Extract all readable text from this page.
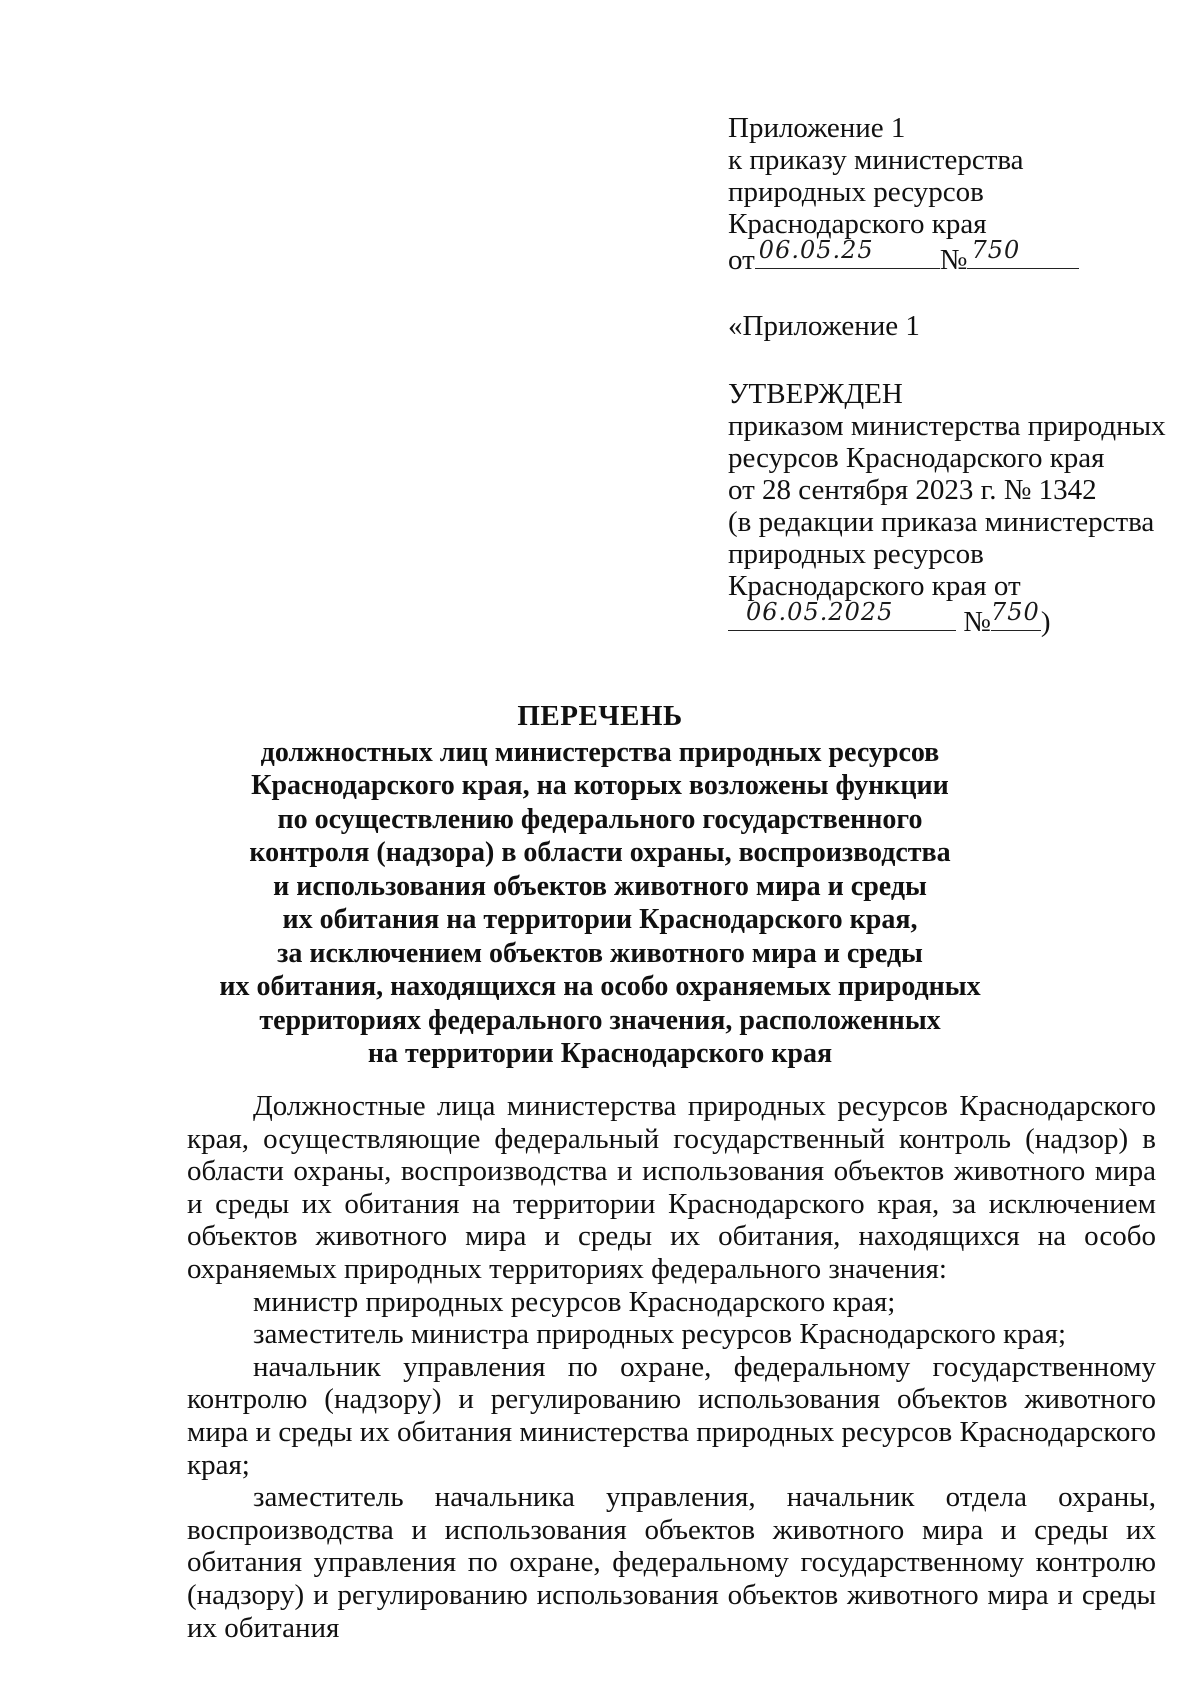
Приложение 1
к приказу министерства
природных ресурсов
Краснодарского края
от 06.05.25 № 750
«Приложение 1
УТВЕРЖДЕН
приказом министерства природных
ресурсов Краснодарского края
от 28 сентября 2023 г. № 1342
(в редакции приказа министерства
природных ресурсов
Краснодарского края от
06.05.2025 № 750 )
ПЕРЕЧЕНЬ
должностных лиц министерства природных ресурсов
Краснодарского края, на которых возложены функции
по осуществлению федерального государственного
контроля (надзора) в области охраны, воспроизводства
и использования объектов животного мира и среды
их обитания на территории Краснодарского края,
за исключением объектов животного мира и среды
их обитания, находящихся на особо охраняемых природных
территориях федерального значения, расположенных
на территории Краснодарского края

Должностные лица министерства природных ресурсов Краснодарского края, осуществляющие федеральный государственный контроль (надзор) в области охраны, воспроизводства и использования объектов животного мира и среды их обитания на территории Краснодарского края, за исключением объектов животного мира и среды их обитания, находящихся на особо охраняемых природных территориях федерального значения:

министр природных ресурсов Краснодарского края;

заместитель министра природных ресурсов Краснодарского края;

начальник управления по охране, федеральному государственному контролю (надзору) и регулированию использования объектов животного мира и среды их обитания министерства природных ресурсов Краснодарского края;

заместитель начальника управления, начальник отдела охраны, воспроизводства и использования объектов животного мира и среды их обитания управления по охране, федеральному государственному контролю (надзору) и регулированию использования объектов животного мира и среды их обитания
